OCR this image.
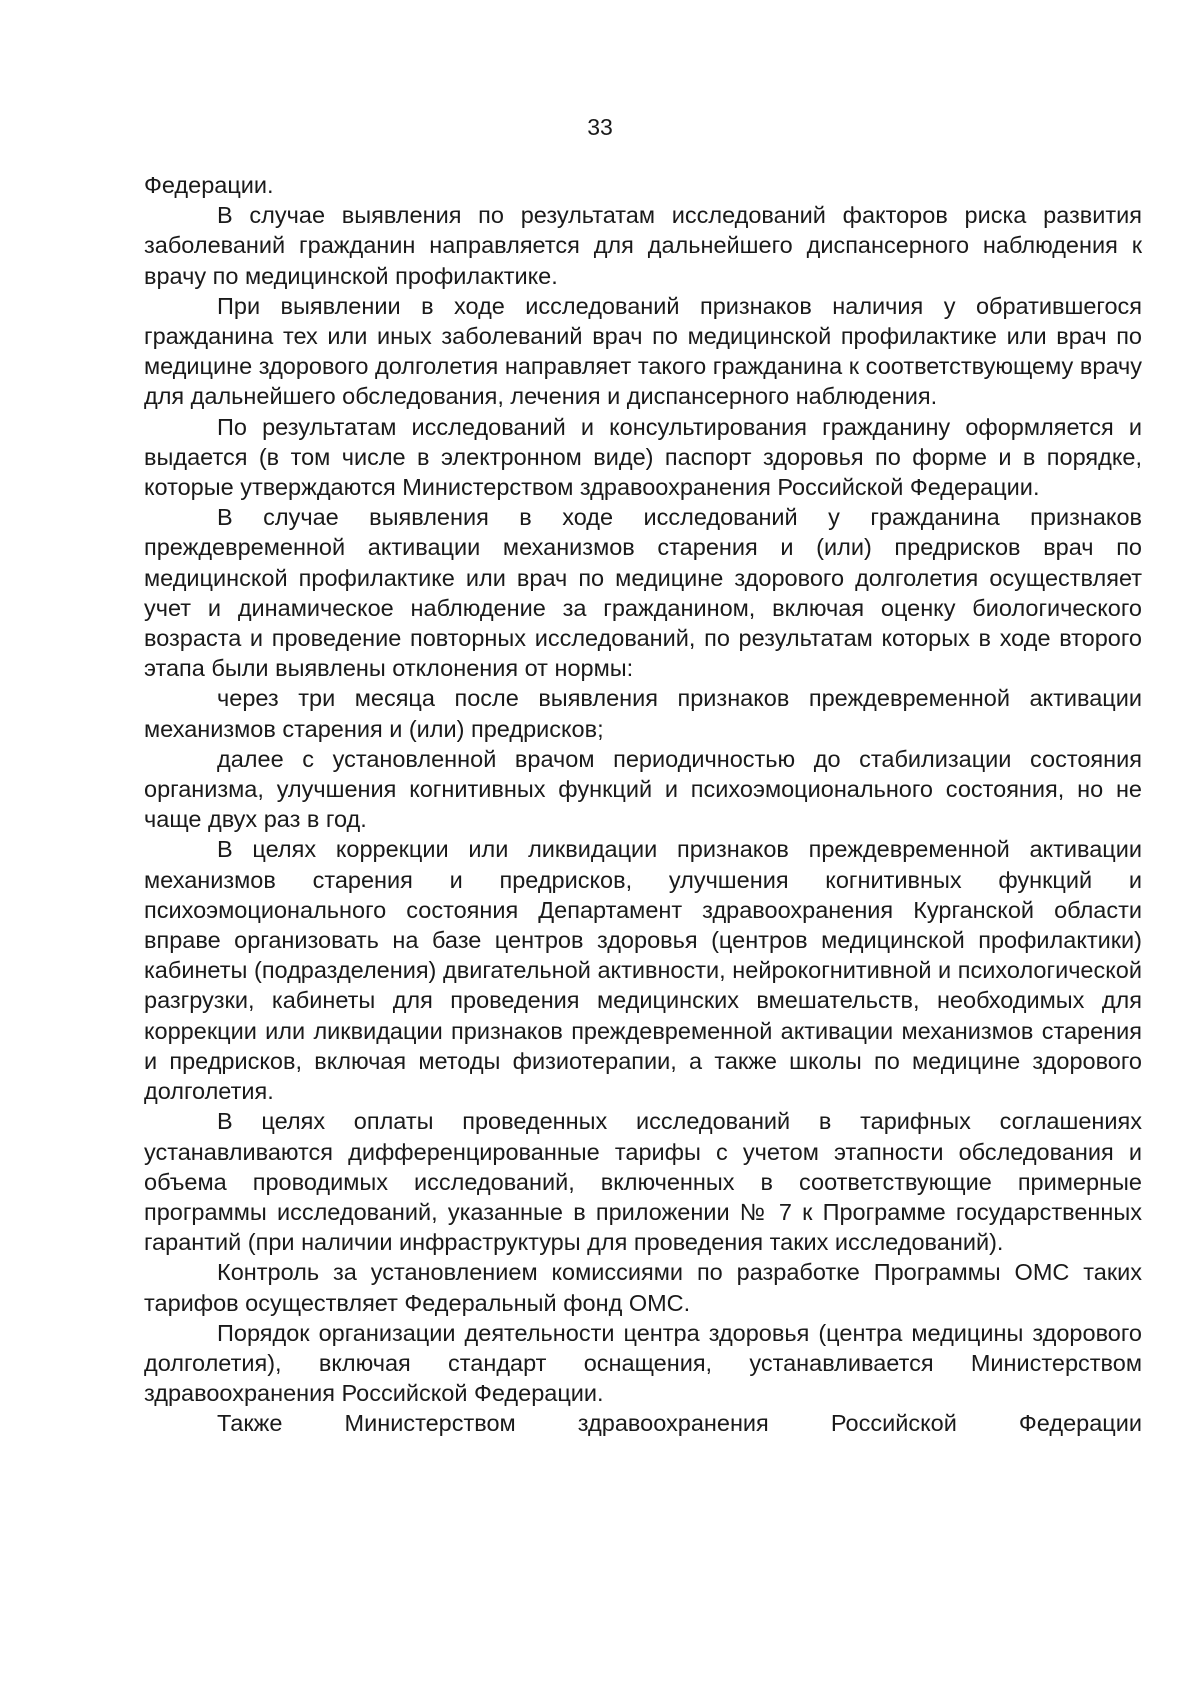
33

Федерации.

В случае выявления по результатам исследований факторов риска развития заболеваний гражданин направляется для дальнейшего диспансерного наблюдения к врачу по медицинской профилактике.

При выявлении в ходе исследований признаков наличия у обратившегося гражданина тех или иных заболеваний врач по медицинской профилактике или врач по медицине здорового долголетия направляет такого гражданина к соответствующему врачу для дальнейшего обследования, лечения и диспансерного наблюдения.

По результатам исследований и консультирования гражданину оформляется и выдается (в том числе в электронном виде) паспорт здоровья по форме и в порядке, которые утверждаются Министерством здравоохранения Российской Федерации.

В случае выявления в ходе исследований у гражданина признаков преждевременной активации механизмов старения и (или) предрисков врач по медицинской профилактике или врач по медицине здорового долголетия осуществляет учет и динамическое наблюдение за гражданином, включая оценку биологического возраста и проведение повторных исследований, по результатам которых в ходе второго этапа были выявлены отклонения от нормы:

через три месяца после выявления признаков преждевременной активации механизмов старения и (или) предрисков;

далее с установленной врачом периодичностью до стабилизации состояния организма, улучшения когнитивных функций и психоэмоционального состояния, но не чаще двух раз в год.

В целях коррекции или ликвидации признаков преждевременной активации механизмов старения и предрисков, улучшения когнитивных функций и психоэмоционального состояния Департамент здравоохранения Курганской области вправе организовать на базе центров здоровья (центров медицинской профилактики) кабинеты (подразделения) двигательной активности, нейрокогнитивной и психологической разгрузки, кабинеты для проведения медицинских вмешательств, необходимых для коррекции или ликвидации признаков преждевременной активации механизмов старения и предрисков, включая методы физиотерапии, а также школы по медицине здорового долголетия.

В целях оплаты проведенных исследований в тарифных соглашениях устанавливаются дифференцированные тарифы с учетом этапности обследования и объема проводимых исследований, включенных в соответствующие примерные программы исследований, указанные в приложении № 7 к Программе государственных гарантий (при наличии инфраструктуры для проведения таких исследований).

Контроль за установлением комиссиями по разработке Программы ОМС таких тарифов осуществляет Федеральный фонд ОМС.

Порядок организации деятельности центра здоровья (центра медицины здорового долголетия), включая стандарт оснащения, устанавливается Министерством здравоохранения Российской Федерации.

Также Министерством здравоохранения Российской Федерации
